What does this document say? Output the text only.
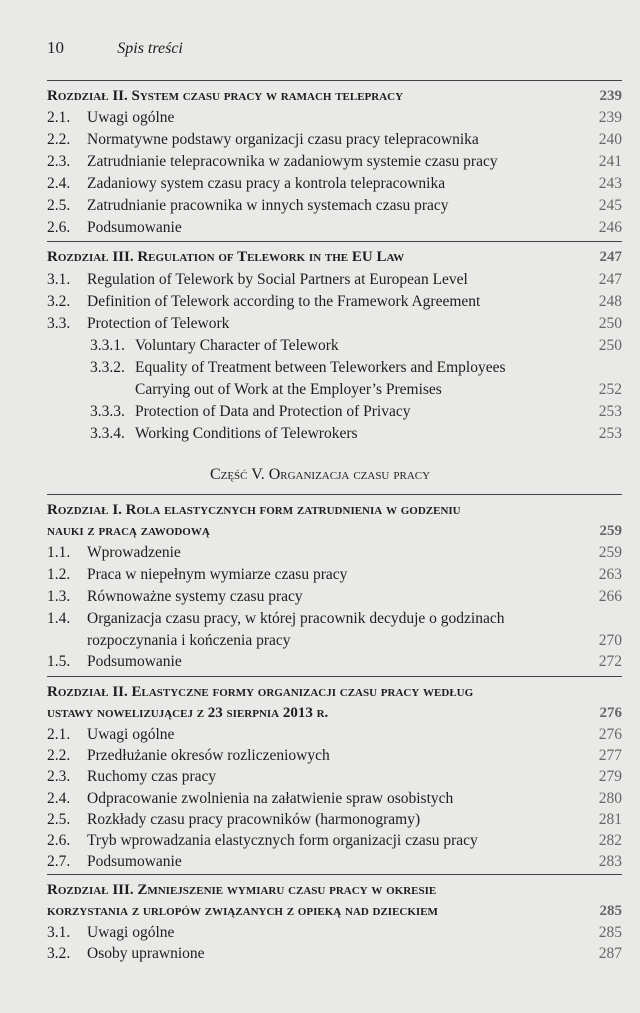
10	Spis treści
Rozdział II. System czasu pracy w ramach telepracy	239
2.1. Uwagi ogólne	239
2.2. Normatywne podstawy organizacji czasu pracy telepracownika	240
2.3. Zatrudnianie telepracownika w zadaniowym systemie czasu pracy	241
2.4. Zadaniowy system czasu pracy a kontrola telepracownika	243
2.5. Zatrudnianie pracownika w innych systemach czasu pracy	245
2.6. Podsumowanie	246
Rozdział III. Regulation of Telework in the EU Law	247
3.1. Regulation of Telework by Social Partners at European Level	247
3.2. Definition of Telework according to the Framework Agreement	248
3.3. Protection of Telework	250
3.3.1. Voluntary Character of Telework	250
3.3.2. Equality of Treatment between Teleworkers and Employees
Carrying out of Work at the Employer’s Premises	252
3.3.3. Protection of Data and Protection of Privacy	253
3.3.4. Working Conditions of Telewrokers	253
Część V. Organizacja czasu pracy
Rozdział I. Rola elastycznych form zatrudnienia w godzeniu
nauki z pracą zawodową	259
1.1. Wprowadzenie	259
1.2. Praca w niepełnym wymiarze czasu pracy	263
1.3. Równoważne systemy czasu pracy	266
1.4. Organizacja czasu pracy, w której pracownik decyduje o godzinach
rozpoczynania i kończenia pracy	270
1.5. Podsumowanie	272
Rozdział II. Elastyczne formy organizacji czasu pracy według
ustawy nowelizującej z 23 sierpnia 2013 r.	276
2.1. Uwagi ogólne	276
2.2. Przedłużanie okresów rozliczeniowych	277
2.3. Ruchomy czas pracy	279
2.4. Odpracowanie zwolnienia na załatwienie spraw osobistych	280
2.5. Rozkłady czasu pracy pracowników (harmonogramy)	281
2.6. Tryb wprowadzania elastycznych form organizacji czasu pracy	282
2.7. Podsumowanie	283
Rozdział III. Zmniejszenie wymiaru czasu pracy w okresie
korzystania z urlopów związanych z opieką nad dzieckiem	285
3.1. Uwagi ogólne	285
3.2. Osoby uprawnione	287
